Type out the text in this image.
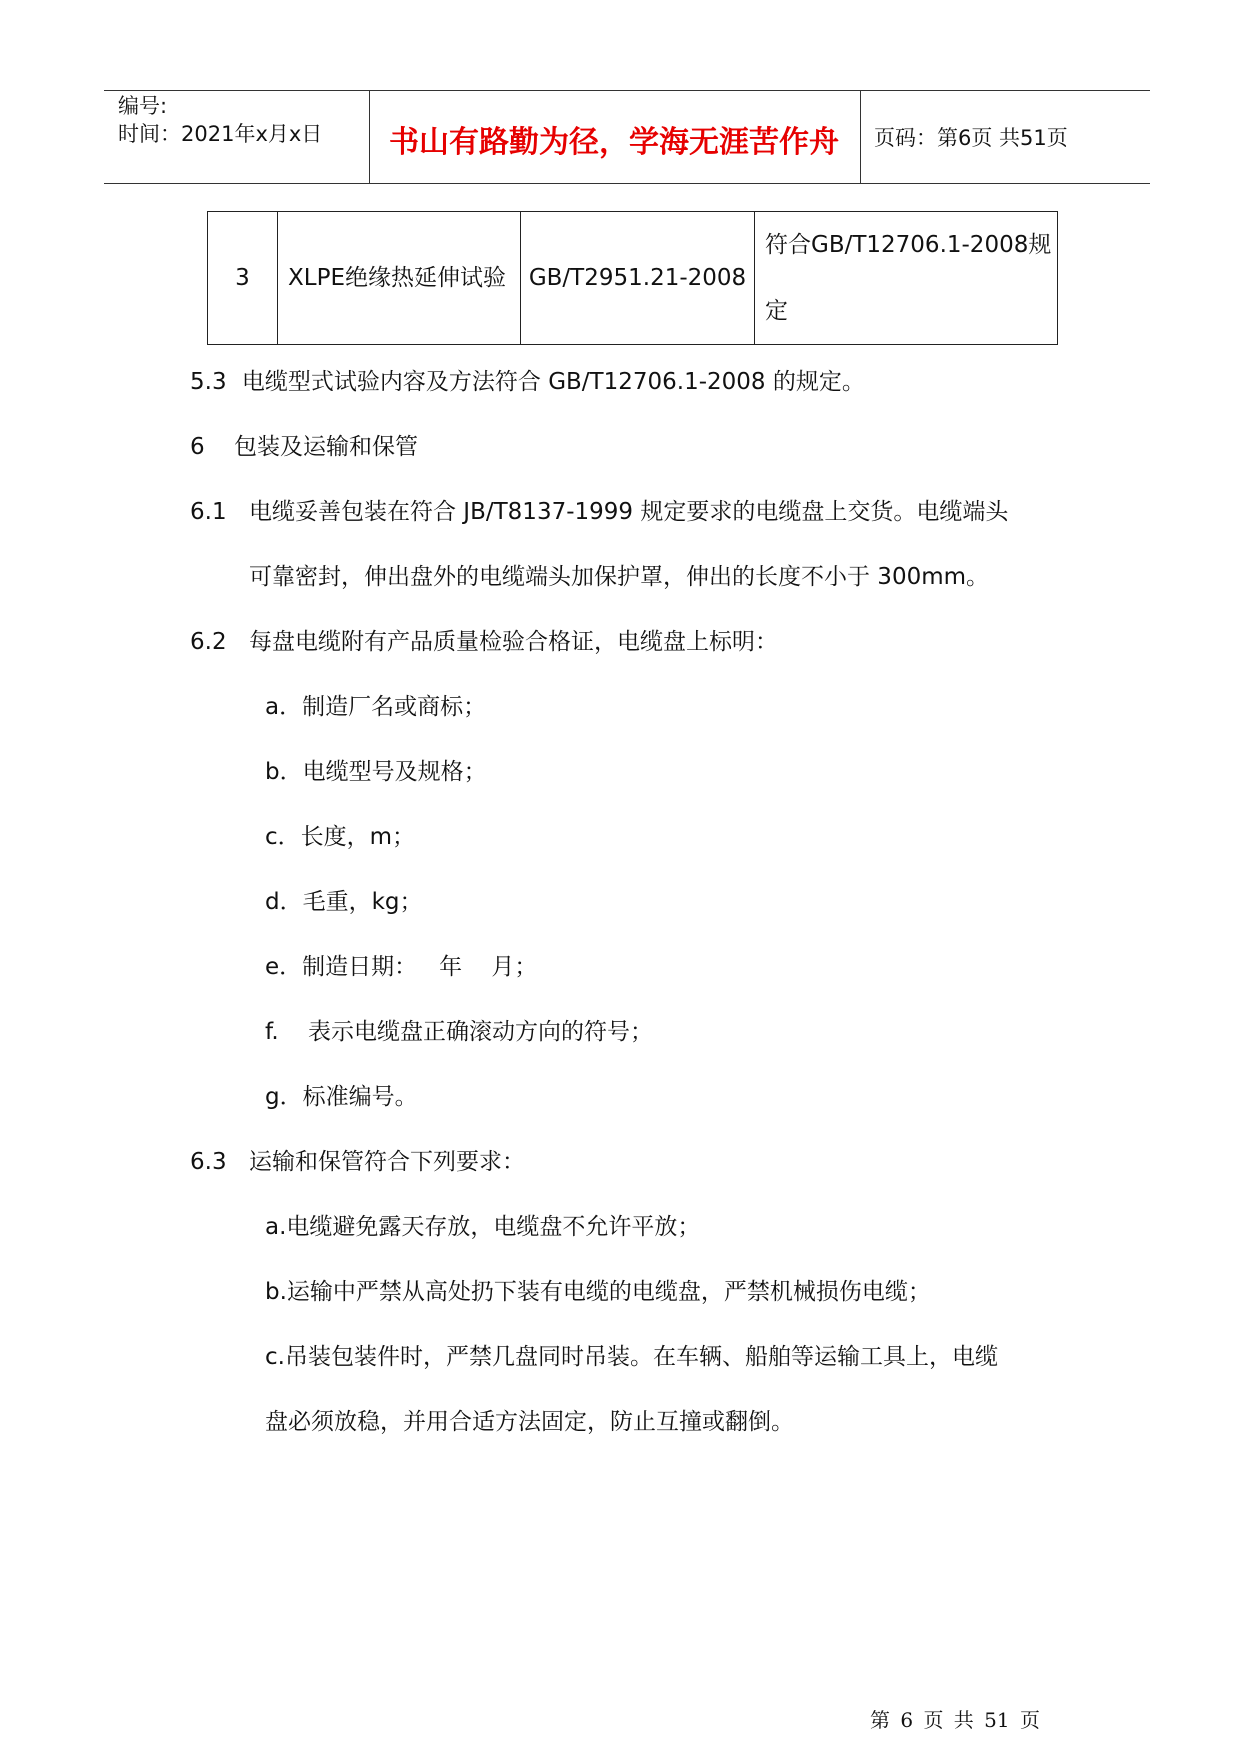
编号:
时间：2021年x月x日	书山有路勤为径，学海无涯苦作舟	页码：第6页 共51页
3	XLPE绝缘热延伸试验	GB/T2951.21-2008	符合GB/T12706.1-2008规定
5.3 电缆型式试验内容及方法符合 GB/T12706.1-2008 的规定。
6 包装及运输和保管
6.1 电缆妥善包装在符合 JB/T8137-1999 规定要求的电缆盘上交货。电缆端头
可靠密封，伸出盘外的电缆端头加保护罩，伸出的长度不小于 300mm。
6.2 每盘电缆附有产品质量检验合格证，电缆盘上标明：
a．制造厂名或商标；
b．电缆型号及规格；
c．长度，m；
d．毛重，kg；
e．制造日期：   年    月；
f.    表示电缆盘正确滚动方向的符号；
g．标准编号。
6.3 运输和保管符合下列要求：
a.电缆避免露天存放，电缆盘不允许平放；
b.运输中严禁从高处扔下装有电缆的电缆盘，严禁机械损伤电缆；
c.吊装包装件时，严禁几盘同时吊装。在车辆、船舶等运输工具上，电缆
盘必须放稳，并用合适方法固定，防止互撞或翻倒。
第 6 页 共 51 页
